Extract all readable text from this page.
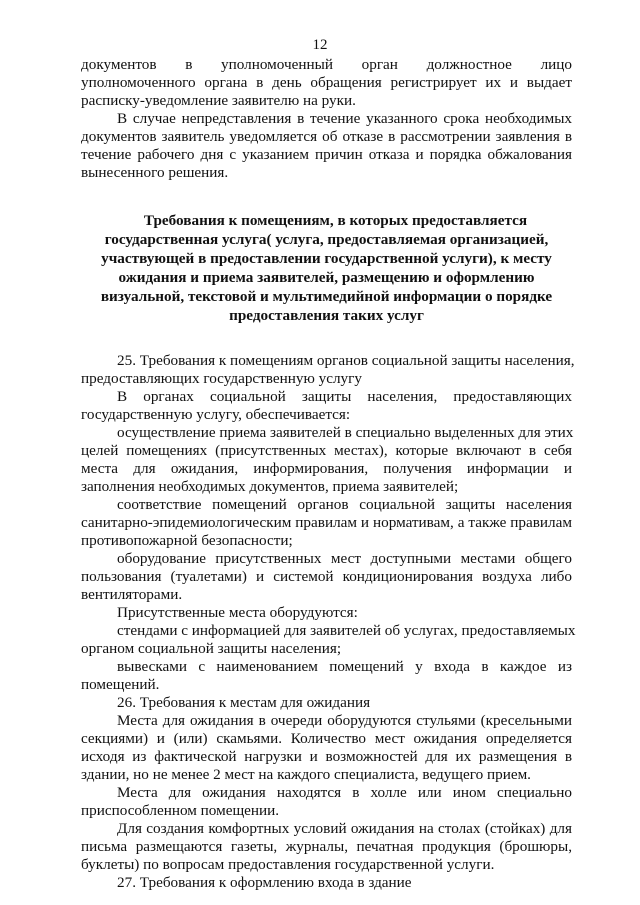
12
документов в уполномоченный орган должностное лицо
уполномоченного органа в день обращения регистрирует их и выдает
расписку-уведомление заявителю на руки.
В случае непредставления в течение указанного срока необходимых
документов заявитель уведомляется об отказе в рассмотрении заявления в
течение рабочего дня с указанием причин отказа и порядка обжалования
вынесенного решения.
Требования к помещениям, в которых предоставляется
государственная услуга( услуга, предоставляемая организацией,
участвующей в предоставлении государственной услуги), к месту
ожидания и приема заявителей, размещению и оформлению
визуальной, текстовой и мультимедийной информации о порядке
предоставления таких услуг
25. Требования к помещениям органов социальной защиты населения,
предоставляющих государственную услугу
В органах социальной защиты населения, предоставляющих
государственную услугу, обеспечивается:
осуществление приема заявителей в специально выделенных для этих
целей помещениях (присутственных местах), которые включают в себя
места для ожидания, информирования, получения информации и
заполнения необходимых документов, приема заявителей;
соответствие помещений органов социальной защиты населения
санитарно-эпидемиологическим правилам и нормативам, а также правилам
противопожарной безопасности;
оборудование присутственных мест доступными местами общего
пользования (туалетами) и системой кондиционирования воздуха либо
вентиляторами.
Присутственные места оборудуются:
стендами с информацией для заявителей об услугах, предоставляемых
органом социальной защиты населения;
вывесками с наименованием помещений у входа в каждое из
помещений.
26. Требования к местам для ожидания
Места для ожидания в очереди оборудуются стульями (кресельными
секциями) и (или) скамьями. Количество мест ожидания определяется
исходя из фактической нагрузки и возможностей для их размещения в
здании, но не менее 2 мест на каждого специалиста, ведущего прием.
Места для ожидания находятся в холле или ином специально
приспособленном помещении.
Для создания комфортных условий ожидания на столах (стойках) для
письма размещаются газеты, журналы, печатная продукция (брошюры,
буклеты) по вопросам предоставления государственной услуги.
27. Требования к оформлению входа в здание
